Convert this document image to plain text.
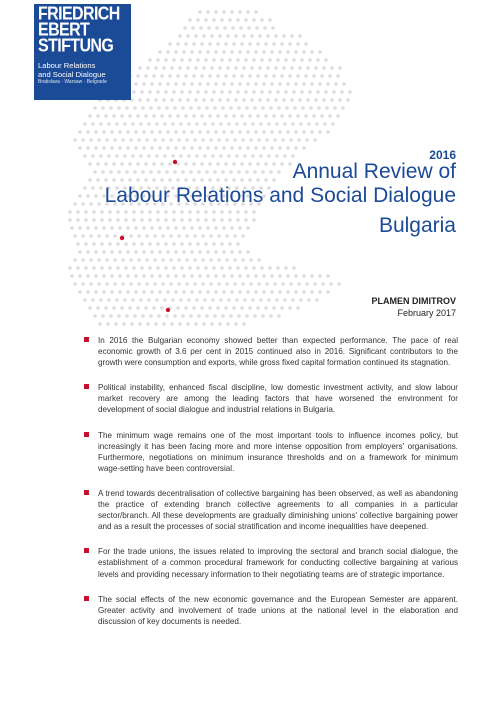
FRIEDRICH
EBERT
STIFTUNG
Labour Relations
and Social Dialogue
Bratislava · Warsaw · Belgrade
2016
Annual Review of
Labour Relations and Social Dialogue
Bulgaria
PLAMEN DIMITROV
February 2017
In 2016 the Bulgarian economy showed better than expected performance. The pace of real economic growth of 3.6 per cent in 2015 continued also in 2016. Significant contributors to the growth were consumption and exports, while gross fixed capital formation continued its stagnation.
Political instability, enhanced fiscal discipline, low domestic investment activity, and slow labour market recovery are among the leading factors that have worsened the environment for development of social dialogue and industrial relations in Bulgaria.
The minimum wage remains one of the most important tools to influence incomes policy, but increasingly it has been facing more and more intense opposition from employers' organisations. Furthermore, negotiations on minimum insurance thresholds and on a framework for minimum wage-setting have been controversial.
A trend towards decentralisation of collective bargaining has been observed, as well as abandoning the practice of extending branch collective agreements to all companies in a particular sector/branch. All these developments are gradually diminishing unions' collective bargaining power and as a result the processes of social stratification and income inequalities have deepened.
For the trade unions, the issues related to improving the sectoral and branch social dialogue, the establishment of a common procedural framework for conducting collective bargaining at various levels and providing necessary information to their negotiating teams are of strategic importance.
The social effects of the new economic governance and the European Semester are apparent. Greater activity and involvement of trade unions at the national level in the elaboration and discussion of key documents is needed.
